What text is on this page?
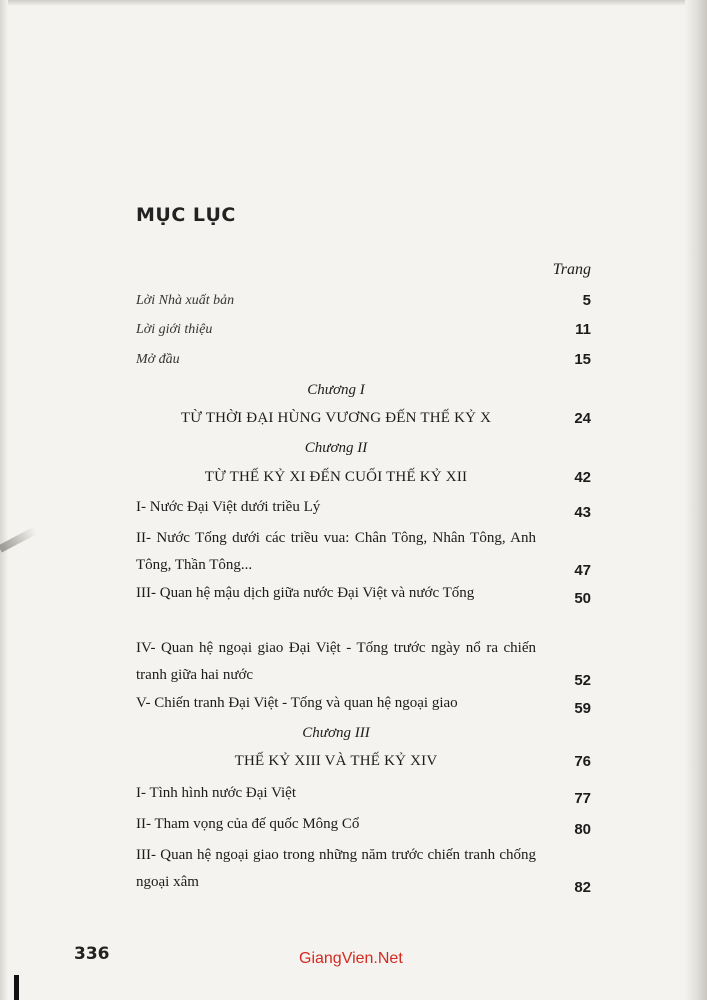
MỤC LỤC
Trang
Lời Nhà xuất bản	5
Lời giới thiệu	11
Mở đầu	15
Chương I
TỪ THỜI ĐẠI HÙNG VƯƠNG ĐẾN THẾ KỶ X	24
Chương II
TỪ THẾ KỶ XI ĐẾN CUỐI THẾ KỶ XII	42
I- Nước Đại Việt dưới triều Lý	43
II- Nước Tống dưới các triều vua: Chân Tông, Nhân Tông, Anh Tông, Thần Tông...	47
III- Quan hệ mậu dịch giữa nước Đại Việt và nước Tống	50
IV- Quan hệ ngoại giao Đại Việt - Tống trước ngày nổ ra chiến tranh giữa hai nước	52
V- Chiến tranh Đại Việt - Tống và quan hệ ngoại giao	59
Chương III
THẾ KỶ XIII VÀ THẾ KỶ XIV	76
I- Tình hình nước Đại Việt	77
II- Tham vọng của đế quốc Mông Cổ	80
III- Quan hệ ngoại giao trong những năm trước chiến tranh chống ngoại xâm	82
336	GiangVien.Net
